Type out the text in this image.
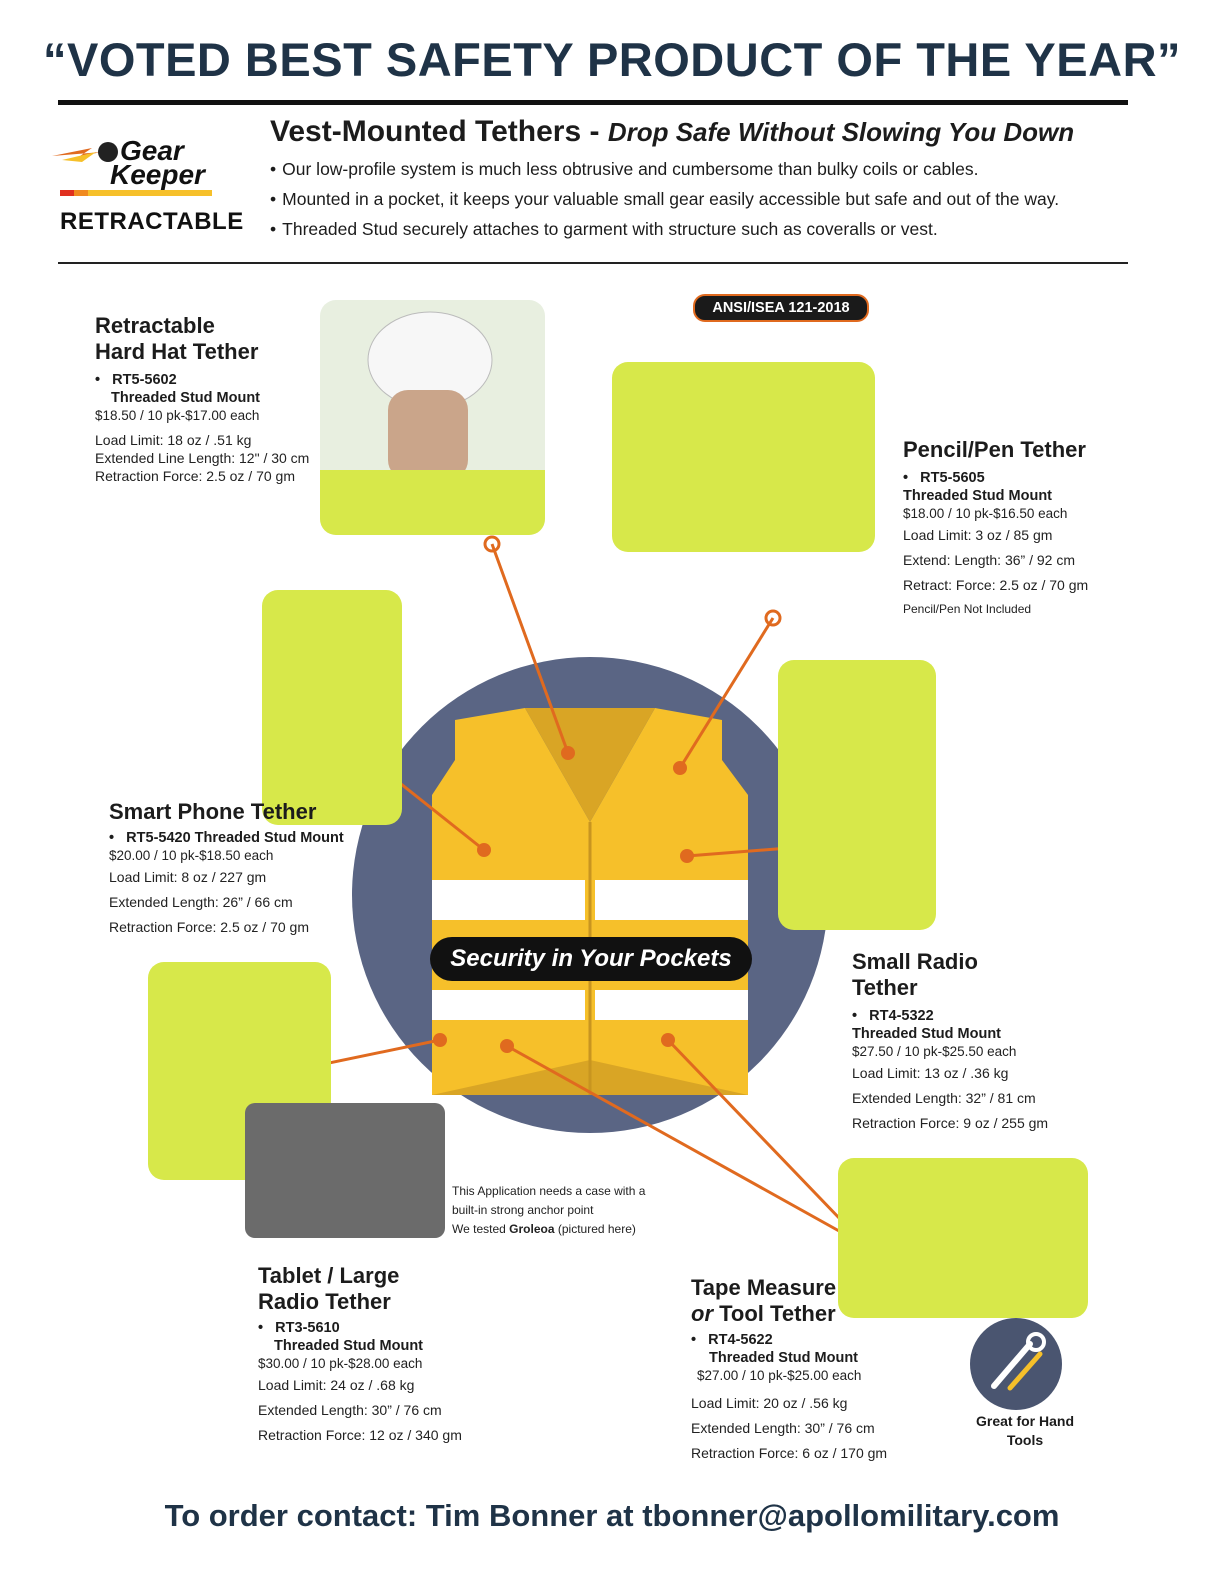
“VOTED BEST SAFETY PRODUCT OF THE YEAR”
Gear
Keeper
RETRACTABLE
Vest-Mounted Tethers - Drop Safe Without Slowing You Down
• Our low-profile system is much less obtrusive and cumbersome than bulky coils or cables.
• Mounted in a pocket, it keeps your valuable small gear easily accessible but safe and out of the way.
• Threaded Stud securely attaches to garment with structure such as coveralls or vest.
Security in Your Pockets
Retractable
Hard Hat Tether
•   RT5-5602
Threaded Stud Mount
$18.50 / 10 pk-$17.00 each
Load Limit: 18 oz / .51 kg
Extended Line Length: 12" / 30 cm
Retraction Force: 2.5 oz / 70 gm
ANSI/ISEA 121-2018
Pencil/Pen Tether
•   RT5-5605
Threaded Stud Mount
$18.00 / 10 pk-$16.50 each
Load Limit: 3 oz / 85 gm
Extend: Length: 36” / 92 cm
Retract: Force: 2.5 oz / 70 gm
Pencil/Pen Not Included
Smart Phone Tether
•   RT5-5420 Threaded Stud Mount
$20.00 / 10 pk-$18.50 each
Load Limit: 8 oz / 227 gm
Extended Length: 26” / 66 cm
Retraction Force: 2.5 oz / 70 gm
Small Radio
Tether
•   RT4-5322
Threaded Stud Mount
$27.50 / 10 pk-$25.50 each
Load Limit: 13 oz / .36 kg
Extended Length: 32” / 81 cm
Retraction Force: 9 oz / 255 gm
This Application needs a case with a
built-in strong anchor point
We tested Groleoa (pictured here)
Tablet / Large
Radio Tether
•   RT3-5610
Threaded Stud Mount
$30.00 / 10 pk-$28.00 each
Load Limit: 24 oz / .68 kg
Extended Length: 30” / 76 cm
Retraction Force: 12 oz / 340 gm
Tape Measure
or Tool Tether
•   RT4-5622
Threaded Stud Mount
$27.00 / 10 pk-$25.00 each
Load Limit: 20 oz / .56 kg
Extended Length: 30” / 76 cm
Retraction Force: 6 oz / 170 gm
Great for Hand Tools
To order contact: Tim Bonner at tbonner@apollomilitary.com
